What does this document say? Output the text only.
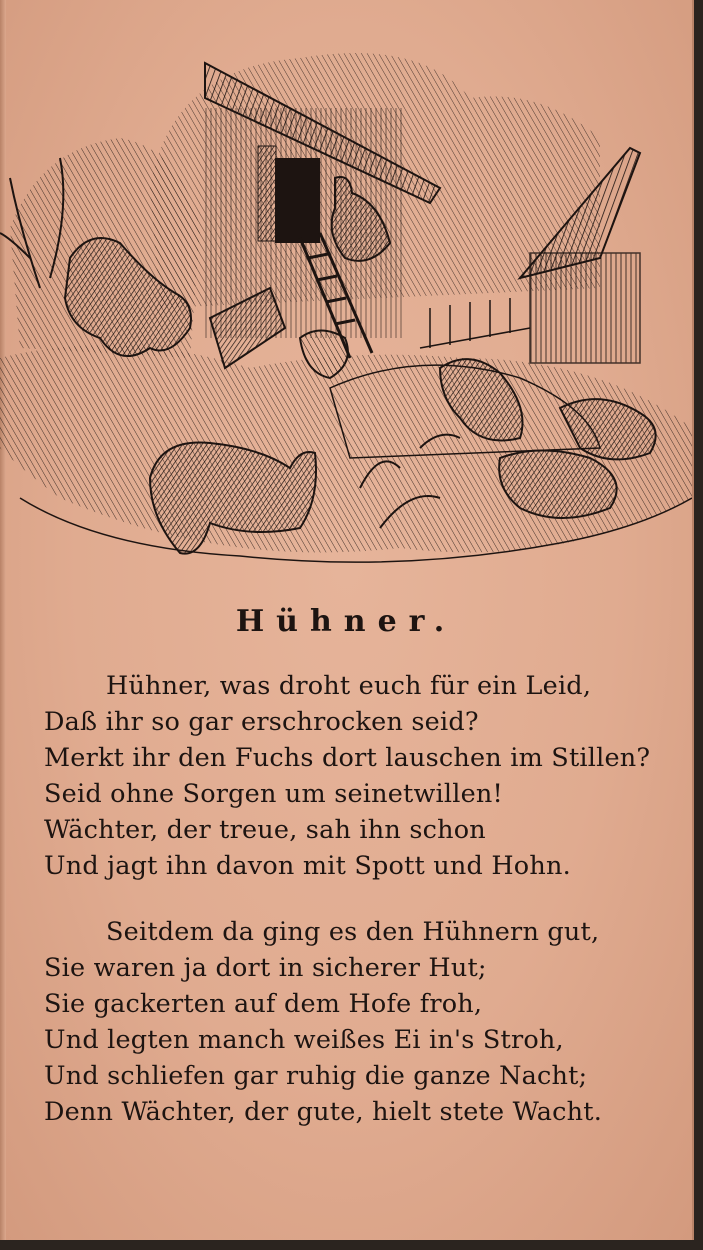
Hühner.
Hühner, was droht euch für ein Leid,
Daß ihr so gar erschrocken seid?
Merkt ihr den Fuchs dort lauschen im Stillen?
Seid ohne Sorgen um seinetwillen!
Wächter, der treue, sah ihn schon
Und jagt ihn davon mit Spott und Hohn.
Seitdem da ging es den Hühnern gut,
Sie waren ja dort in sicherer Hut;
Sie gackerten auf dem Hofe froh,
Und legten manch weißes Ei in's Stroh,
Und schliefen gar ruhig die ganze Nacht;
Denn Wächter, der gute, hielt stete Wacht.
